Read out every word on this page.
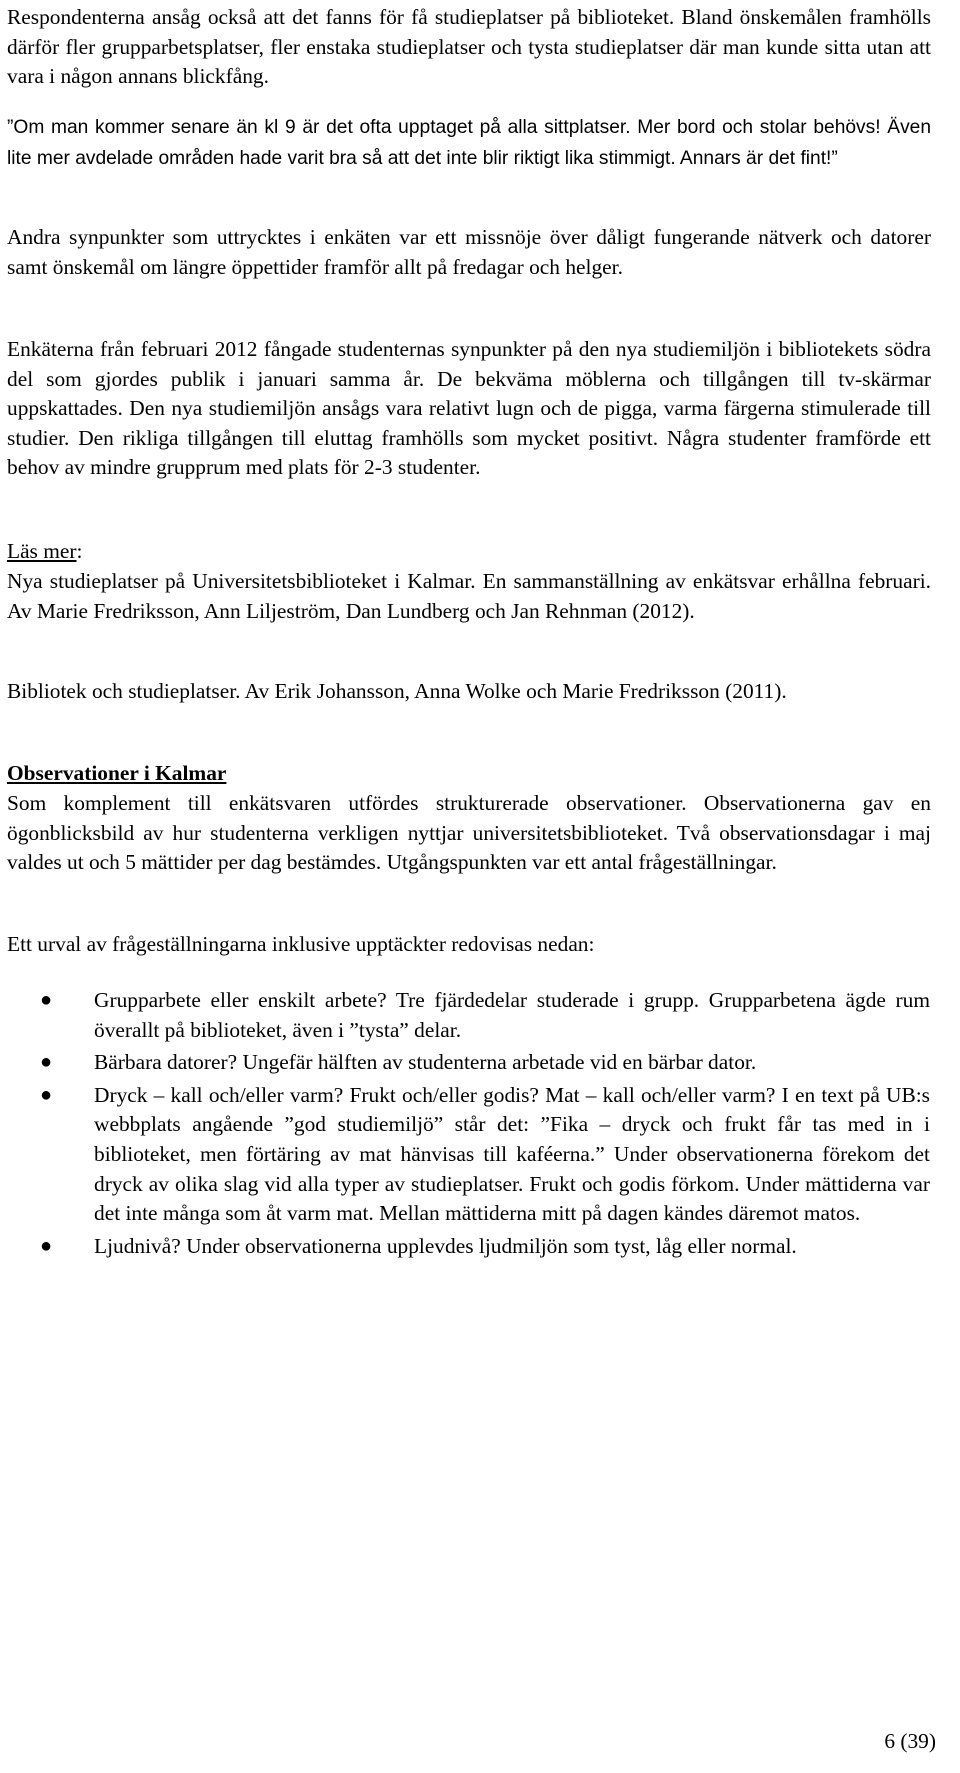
Respondenterna ansåg också att det fanns för få studieplatser på biblioteket. Bland önskemålen framhölls därför fler grupparbetsplatser, fler enstaka studieplatser och tysta studieplatser där man kunde sitta utan att vara i någon annans blickfång.

”Om man kommer senare än kl 9 är det ofta upptaget på alla sittplatser. Mer bord och stolar behövs! Även lite mer avdelade områden hade varit bra så att det inte blir riktigt lika stimmigt. Annars är det fint!”

Andra synpunkter som uttrycktes i enkäten var ett missnöje över dåligt fungerande nätverk och datorer samt önskemål om längre öppettider framför allt på fredagar och helger.

Enkäterna från februari 2012 fångade studenternas synpunkter på den nya studiemiljön i bibliotekets södra del som gjordes publik i januari samma år. De bekväma möblerna och tillgången till tv-skärmar uppskattades. Den nya studiemiljön ansågs vara relativt lugn och de pigga, varma färgerna stimulerade till studier. Den rikliga tillgången till eluttag framhölls som mycket positivt. Några studenter framförde ett behov av mindre grupprum med plats för 2-3 studenter.

Läs mer:

Nya studieplatser på Universitetsbiblioteket i Kalmar. En sammanställning av enkätsvar erhållna februari. Av Marie Fredriksson, Ann Liljeström, Dan Lundberg och Jan Rehnman (2012).

Bibliotek och studieplatser. Av Erik Johansson, Anna Wolke och Marie Fredriksson (2011).

Observationer i Kalmar

Som komplement till enkätsvaren utfördes strukturerade observationer. Observationerna gav en ögonblicksbild av hur studenterna verkligen nyttjar universitetsbiblioteket. Två observationsdagar i maj valdes ut och 5 mättider per dag bestämdes. Utgångspunkten var ett antal frågeställningar.

Ett urval av frågeställningarna inklusive upptäckter redovisas nedan:

● Grupparbete eller enskilt arbete? Tre fjärdedelar studerade i grupp. Grupparbetena ägde rum överallt på biblioteket, även i ”tysta” delar.
● Bärbara datorer? Ungefär hälften av studenterna arbetade vid en bärbar dator.
● Dryck – kall och/eller varm? Frukt och/eller godis? Mat – kall och/eller varm? I en text på UB:s webbplats angående ”god studiemiljö” står det: ”Fika – dryck och frukt får tas med in i biblioteket, men förtäring av mat hänvisas till kaféerna.” Under observationerna förekom det dryck av olika slag vid alla typer av studieplatser. Frukt och godis förkom. Under mättiderna var det inte många som åt varm mat. Mellan mättiderna mitt på dagen kändes däremot matos.
● Ljudnivå? Under observationerna upplevdes ljudmiljön som tyst, låg eller normal.
6 (39)
